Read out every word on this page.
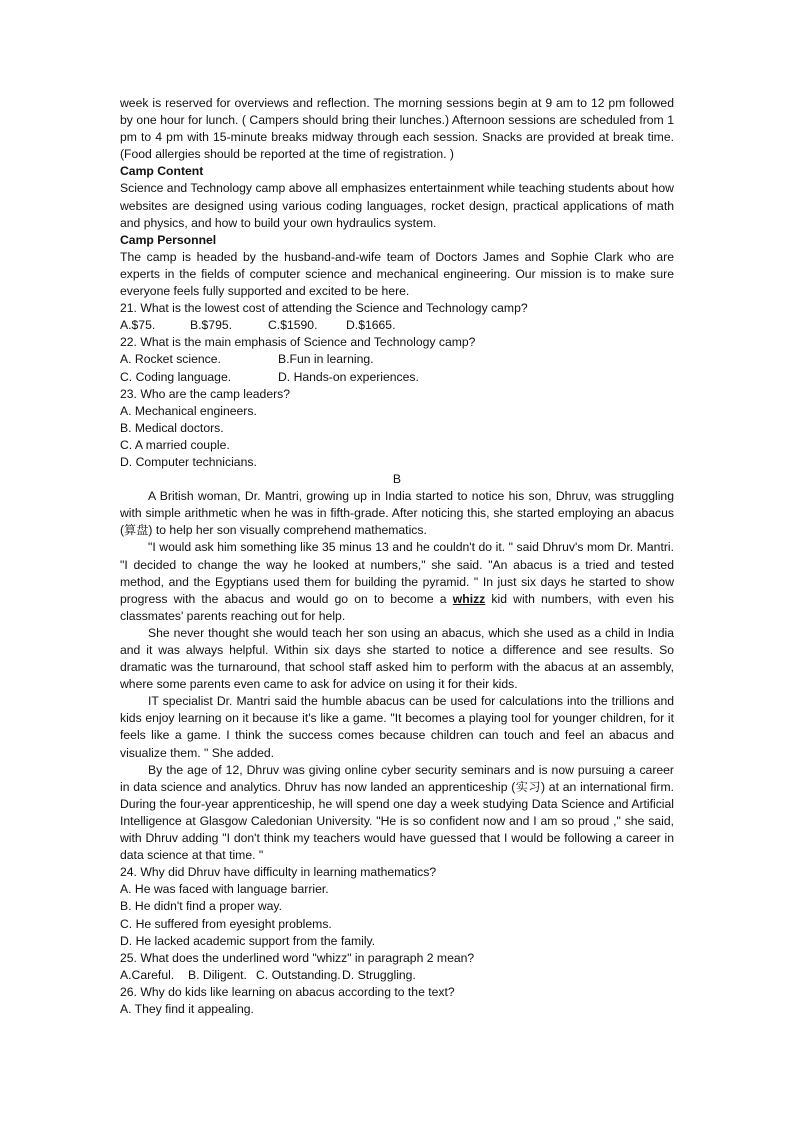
week is reserved for overviews and reflection. The morning sessions begin at 9 am to 12 pm followed by one hour for lunch. ( Campers should bring their lunches.) Afternoon sessions are scheduled from 1 pm to 4 pm with 15-minute breaks midway through each session. Snacks are provided at break time. (Food allergies should be reported at the time of registration. )

Camp Content

Science and Technology camp above all emphasizes entertainment while teaching students about how websites are designed using various coding languages, rocket design, practical applications of math and physics, and how to build your own hydraulics system.

Camp Personnel

The camp is headed by the husband-and-wife team of Doctors James and Sophie Clark who are experts in the fields of computer science and mechanical engineering. Our mission is to make sure everyone feels fully supported and excited to be here.

21. What is the lowest cost of attending the Science and Technology camp?

A.$75.	B.$795.	C.$1590. D.$1665.

22. What is the main emphasis of Science and Technology camp?

A. Rocket science.	B.Fun in learning.

C. Coding language.	D. Hands-on experiences.

23. Who are the camp leaders?

A. Mechanical engineers.

B. Medical doctors.

C. A married couple.

D. Computer technicians.

B

A British woman, Dr. Mantri, growing up in India started to notice his son, Dhruv, was struggling with simple arithmetic when he was in fifth-grade. After noticing this, she started employing an abacus (算盘) to help her son visually comprehend mathematics.

"I would ask him something like 35 minus 13 and he couldn't do it. " said Dhruv's mom Dr. Mantri. "I decided to change the way he looked at numbers," she said. "An abacus is a tried and tested method, and the Egyptians used them for building the pyramid. " In just six days he started to show progress with the abacus and would go on to become a whizz kid with numbers, with even his classmates' parents reaching out for help.

She never thought she would teach her son using an abacus, which she used as a child in India and it was always helpful. Within six days she started to notice a difference and see results. So dramatic was the turnaround, that school staff asked him to perform with the abacus at an assembly, where some parents even came to ask for advice on using it for their kids.

IT specialist Dr. Mantri said the humble abacus can be used for calculations into the trillions and kids enjoy learning on it because it's like a game. "It becomes a playing tool for younger children, for it feels like a game. I think the success comes because children can touch and feel an abacus and visualize them. " She added.

By the age of 12, Dhruv was giving online cyber security seminars and is now pursuing a career in data science and analytics. Dhruv has now landed an apprenticeship (实习) at an international firm. During the four-year apprenticeship, he will spend one day a week studying Data Science and Artificial Intelligence at Glasgow Caledonian University. "He is so confident now and I am so proud ," she said, with Dhruv adding "I don't think my teachers would have guessed that I would be following a career in data science at that time. "

24. Why did Dhruv have difficulty in learning mathematics?

A. He was faced with language barrier.

B. He didn't find a proper way.

C. He suffered from eyesight problems.

D. He lacked academic support from the family.

25. What does the underlined word "whizz" in paragraph 2 mean?

A.Careful. B. Diligent. C. Outstanding.D. Struggling.

26. Why do kids like learning on abacus according to the text?

A. They find it appealing.
